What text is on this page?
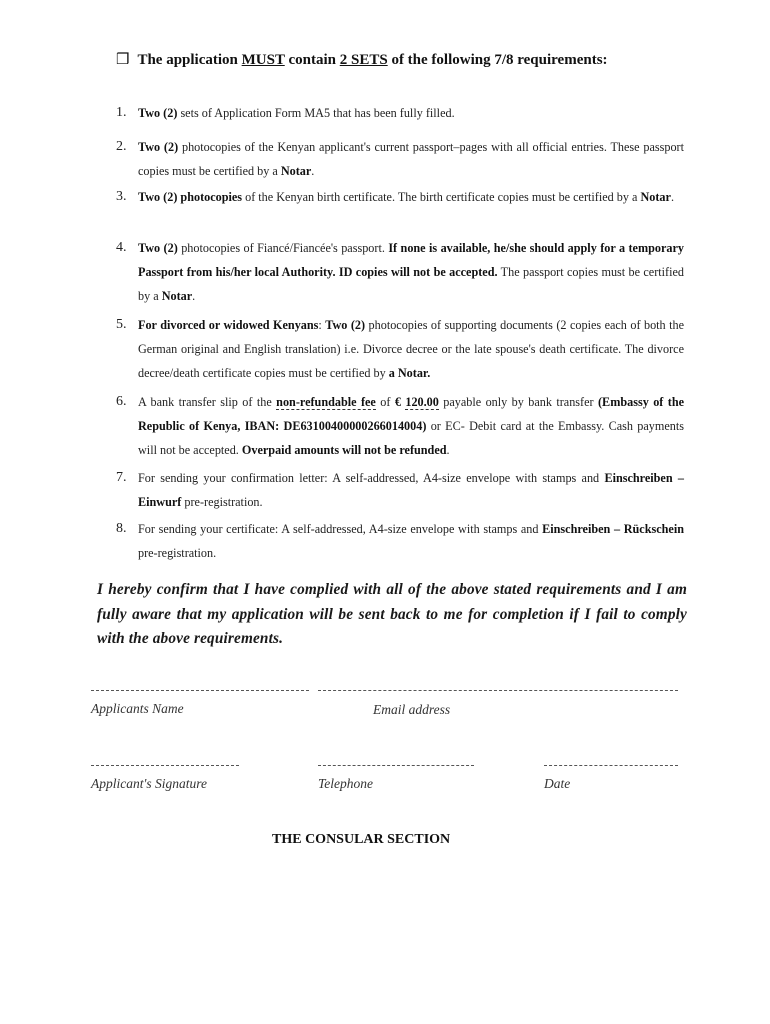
❒ The application MUST contain 2 SETS of the following 7/8 requirements:
1. Two (2) sets of Application Form MA5 that has been fully filled.
2. Two (2) photocopies of the Kenyan applicant's current passport–pages with all official entries. These passport copies must be certified by a Notar.
3. Two (2) photocopies of the Kenyan birth certificate. The birth certificate copies must be certified by a Notar.
4. Two (2) photocopies of Fiancé/Fiancée's passport. If none is available, he/she should apply for a temporary Passport from his/her local Authority. ID copies will not be accepted. The passport copies must be certified by a Notar.
5. For divorced or widowed Kenyans: Two (2) photocopies of supporting documents (2 copies each of both the German original and English translation) i.e. Divorce decree or the late spouse's death certificate. The divorce decree/death certificate copies must be certified by a Notar.
6. A bank transfer slip of the non-refundable fee of € 120.00 payable only by bank transfer (Embassy of the Republic of Kenya, IBAN: DE63100400000266014004) or EC- Debit card at the Embassy. Cash payments will not be accepted. Overpaid amounts will not be refunded.
7. For sending your confirmation letter: A self-addressed, A4-size envelope with stamps and Einschreiben – Einwurf pre-registration.
8. For sending your certificate: A self-addressed, A4-size envelope with stamps and Einschreiben – Rückschein pre-registration.
I hereby confirm that I have complied with all of the above stated requirements and I am fully aware that my application will be sent back to me for completion if I fail to comply with the above requirements.
Applicants Name	Email address
Applicant's Signature	Telephone	Date
THE CONSULAR SECTION
